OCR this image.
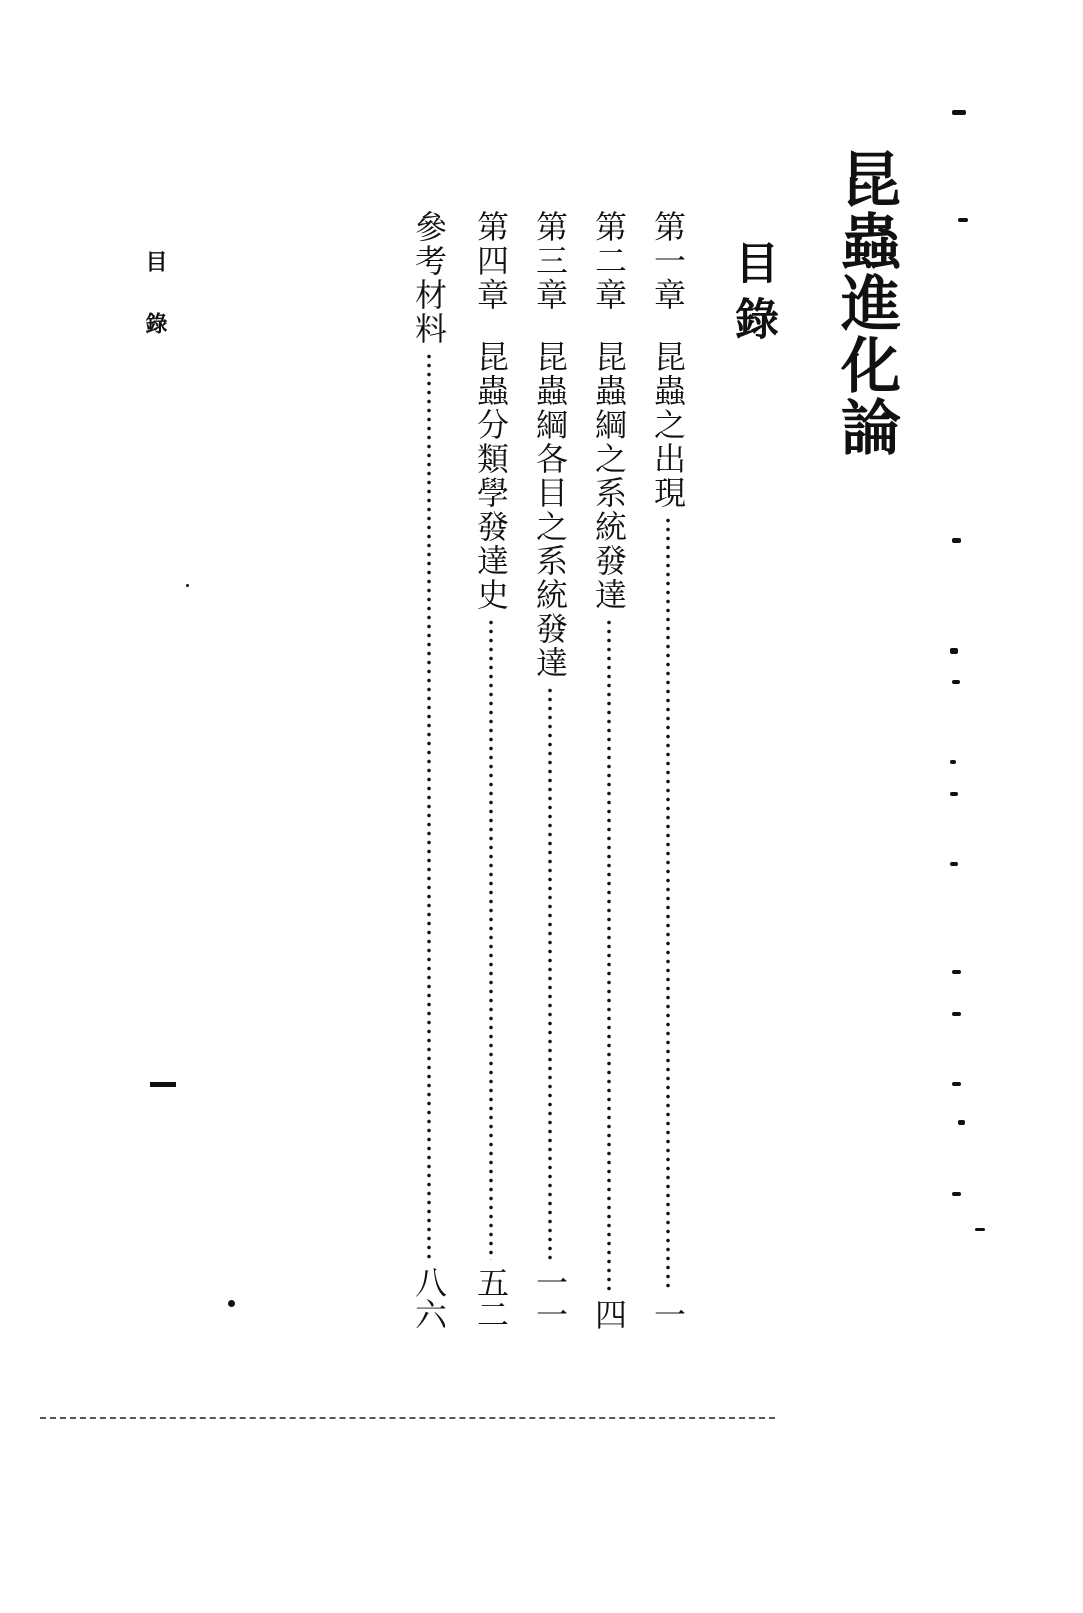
昆蟲進化論
目錄
第一章
昆蟲之出現
一
第二章
昆蟲綱之系統發達
四
第三章
昆蟲綱各目之系統發達
一一
第四章
昆蟲分類學發達史
五二
參考材料
八六
目錄
